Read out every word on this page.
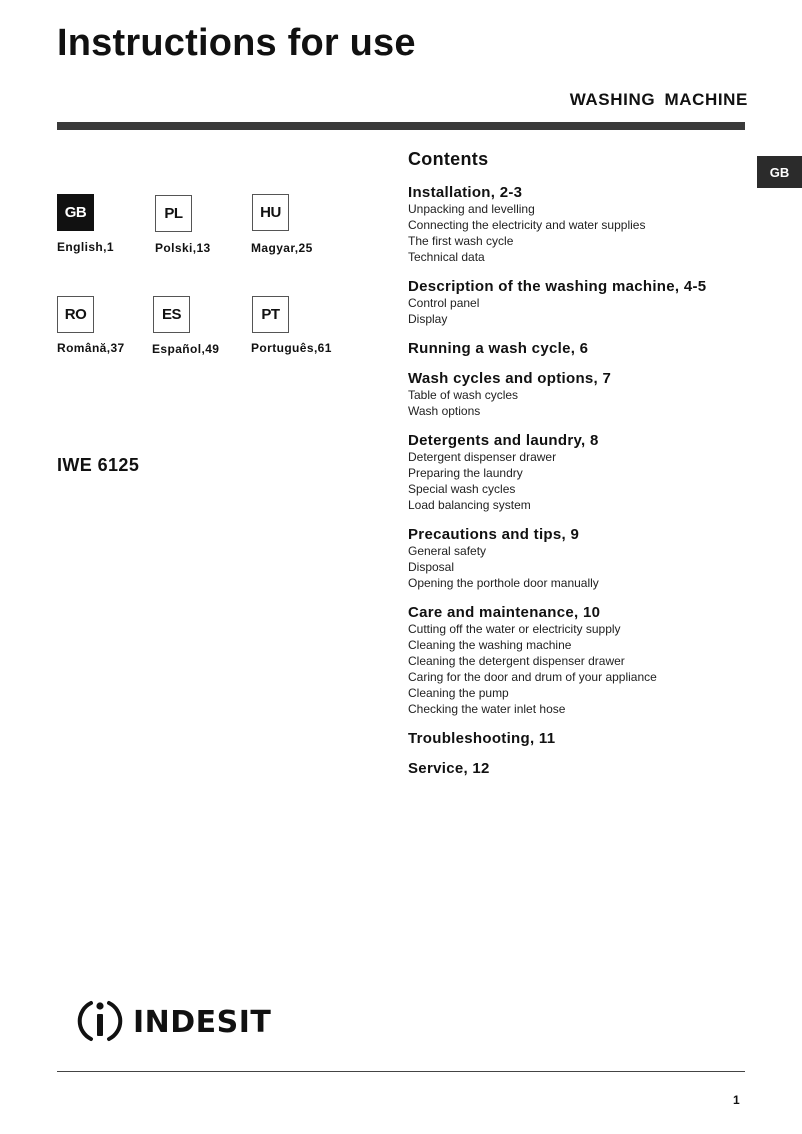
Instructions for use
WASHING MACHINE
GB
GB
English,1
PL
Polski,13
HU
Magyar,25
RO
Română,37
ES
Español,49
PT
Português,61
IWE 6125
Contents
Installation, 2-3
Unpacking and levelling
Connecting the electricity and water supplies
The first wash cycle
Technical data
Description of the washing machine, 4-5
Control panel
Display
Running a wash cycle, 6
Wash cycles and options, 7
Table of wash cycles
Wash options
Detergents and laundry, 8
Detergent dispenser drawer
Preparing the laundry
Special wash cycles
Load balancing system
Precautions and tips, 9
General safety
Disposal
Opening the porthole door manually
Care and maintenance, 10
Cutting off the water or electricity supply
Cleaning the washing machine
Cleaning the detergent dispenser drawer
Caring for the door and drum of your appliance
Cleaning the pump
Checking the water inlet hose
Troubleshooting, 11
Service, 12
INDESIT
1
